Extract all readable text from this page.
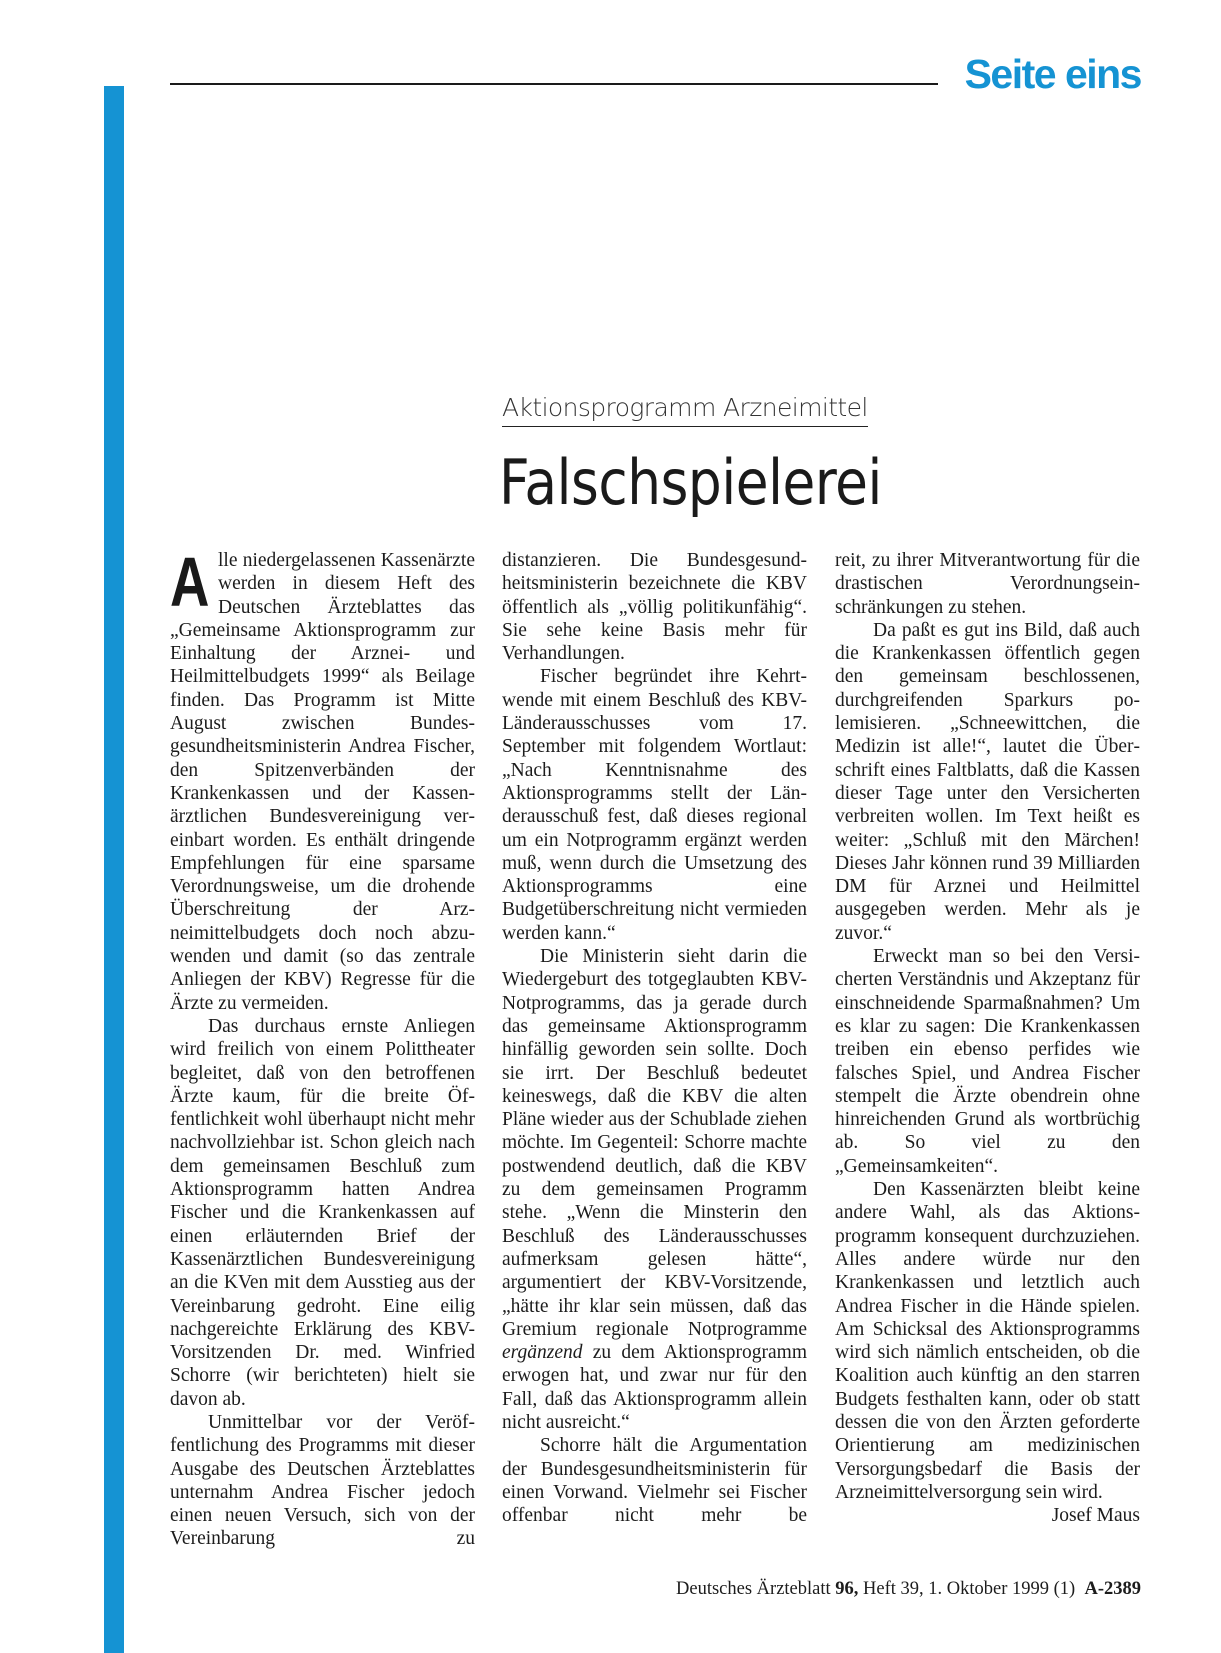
Seite eins
Aktionsprogramm Arzneimittel
Falschspielerei

Alle niedergelassenen Kassenärzte werden in diesem Heft des Deutschen Ärzteblattes das „Gemeinsame Aktionsprogramm zur Einhaltung der Arznei- und Heilmittelbudgets 1999“ als Beilage finden. Das Programm ist Mitte August zwischen Bundesgesundheitsministerin Andrea Fischer, den Spitzenverbänden der Krankenkassen und der Kassenärztlichen Bundesvereinigung vereinbart worden. Es enthält dringende Empfehlungen für eine sparsame Verordnungsweise, um die drohende Überschreitung der Arzneimittelbudgets doch noch abzuwenden und damit (so das zentrale Anliegen der KBV) Regresse für die Ärzte zu vermeiden.

Das durchaus ernste Anliegen wird freilich von einem Polittheater begleitet, daß von den betroffenen Ärzte kaum, für die breite Öffentlichkeit wohl überhaupt nicht mehr nachvollziehbar ist. Schon gleich nach dem gemeinsamen Beschluß zum Aktionsprogramm hatten Andrea Fischer und die Krankenkassen auf einen erläuternden Brief der Kassenärztlichen Bundesvereinigung an die KVen mit dem Ausstieg aus der Vereinbarung gedroht. Eine eilig nachgereichte Erklärung des KBV-Vorsitzenden Dr. med. Winfried Schorre (wir berichteten) hielt sie davon ab.

Unmittelbar vor der Veröffentlichung des Programms mit dieser Ausgabe des Deutschen Ärzteblattes unternahm Andrea Fischer jedoch einen neuen Versuch, sich von der Vereinbarung zu

distanzieren. Die Bundesgesundheitsministerin bezeichnete die KBV öffentlich als „völlig politikunfähig“. Sie sehe keine Basis mehr für Verhandlungen.

Fischer begründet ihre Kehrtwende mit einem Beschluß des KBV-Länderausschusses vom 17. September mit folgendem Wortlaut: „Nach Kenntnisnahme des Aktionsprogramms stellt der Länderausschuß fest, daß dieses regional um ein Notprogramm ergänzt werden muß, wenn durch die Umsetzung des Aktionsprogramms eine Budgetüberschreitung nicht vermieden werden kann.“

Die Ministerin sieht darin die Wiedergeburt des totgeglaubten KBV-Notprogramms, das ja gerade durch das gemeinsame Aktionsprogramm hinfällig geworden sein sollte. Doch sie irrt. Der Beschluß bedeutet keineswegs, daß die KBV die alten Pläne wieder aus der Schublade ziehen möchte. Im Gegenteil: Schorre machte postwendend deutlich, daß die KBV zu dem gemeinsamen Programm stehe. „Wenn die Minsterin den Beschluß des Länderausschusses aufmerksam gelesen hätte“, argumentiert der KBV-Vorsitzende, „hätte ihr klar sein müssen, daß das Gremium regionale Notprogramme ergänzend zu dem Aktionsprogramm erwogen hat, und zwar nur für den Fall, daß das Aktionsprogramm allein nicht ausreicht.“

Schorre hält die Argumentation der Bundesgesundheitsministerin für einen Vorwand. Vielmehr sei Fischer offenbar nicht mehr be

reit, zu ihrer Mitverantwortung für die drastischen Verordnungseinschränkungen zu stehen.

Da paßt es gut ins Bild, daß auch die Krankenkassen öffentlich gegen den gemeinsam beschlossenen, durchgreifenden Sparkurs polemisieren. „Schneewittchen, die Medizin ist alle!“, lautet die Überschrift eines Faltblatts, daß die Kassen dieser Tage unter den Versicherten verbreiten wollen. Im Text heißt es weiter: „Schluß mit den Märchen! Dieses Jahr können rund 39 Milliarden DM für Arznei und Heilmittel ausgegeben werden. Mehr als je zuvor.“

Erweckt man so bei den Versicherten Verständnis und Akzeptanz für einschneidende Sparmaßnahmen? Um es klar zu sagen: Die Krankenkassen treiben ein ebenso perfides wie falsches Spiel, und Andrea Fischer stempelt die Ärzte obendrein ohne hinreichenden Grund als wortbrüchig ab. So viel zu den „Gemeinsamkeiten“.

Den Kassenärzten bleibt keine andere Wahl, als das Aktionsprogramm konsequent durchzuziehen. Alles andere würde nur den Krankenkassen und letztlich auch Andrea Fischer in die Hände spielen. Am Schicksal des Aktionsprogramms wird sich nämlich entscheiden, ob die Koalition auch künftig an den starren Budgets festhalten kann, oder ob statt dessen die von den Ärzten geforderte Orientierung am medizinischen Versorgungsbedarf die Basis der Arzneimittelversorgung sein wird.
Josef Maus

Deutsches Ärzteblatt 96, Heft 39, 1. Oktober 1999 (1) A-2389
